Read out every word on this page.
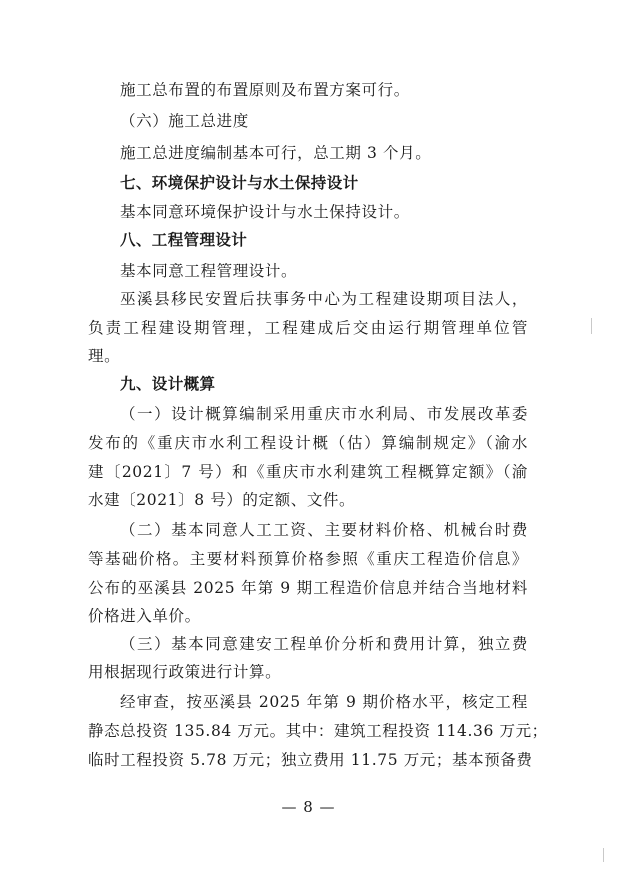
施工总布置的布置原则及布置方案可行。
（六）施工总进度
施工总进度编制基本可行，总工期 3 个月。
七、环境保护设计与水土保持设计
基本同意环境保护设计与水土保持设计。
八、工程管理设计
基本同意工程管理设计。
巫溪县移民安置后扶事务中心为工程建设期项目法人，
负责工程建设期管理，工程建成后交由运行期管理单位管
理。
九、设计概算
（一）设计概算编制采用重庆市水利局、市发展改革委
发布的《重庆市水利工程设计概（估）算编制规定》（渝水
建〔2021〕7 号）和《重庆市水利建筑工程概算定额》（渝
水建〔2021〕8 号）的定额、文件。
（二）基本同意人工工资、主要材料价格、机械台时费
等基础价格。主要材料预算价格参照《重庆工程造价信息》
公布的巫溪县 2025 年第 9 期工程造价信息并结合当地材料
价格进入单价。
（三）基本同意建安工程单价分析和费用计算，独立费
用根据现行政策进行计算。
经审查，按巫溪县 2025 年第 9 期价格水平，核定工程
静态总投资 135.84 万元。其中：建筑工程投资 114.36 万元；
临时工程投资 5.78 万元；独立费用 11.75 万元；基本预备费
— 8 —
